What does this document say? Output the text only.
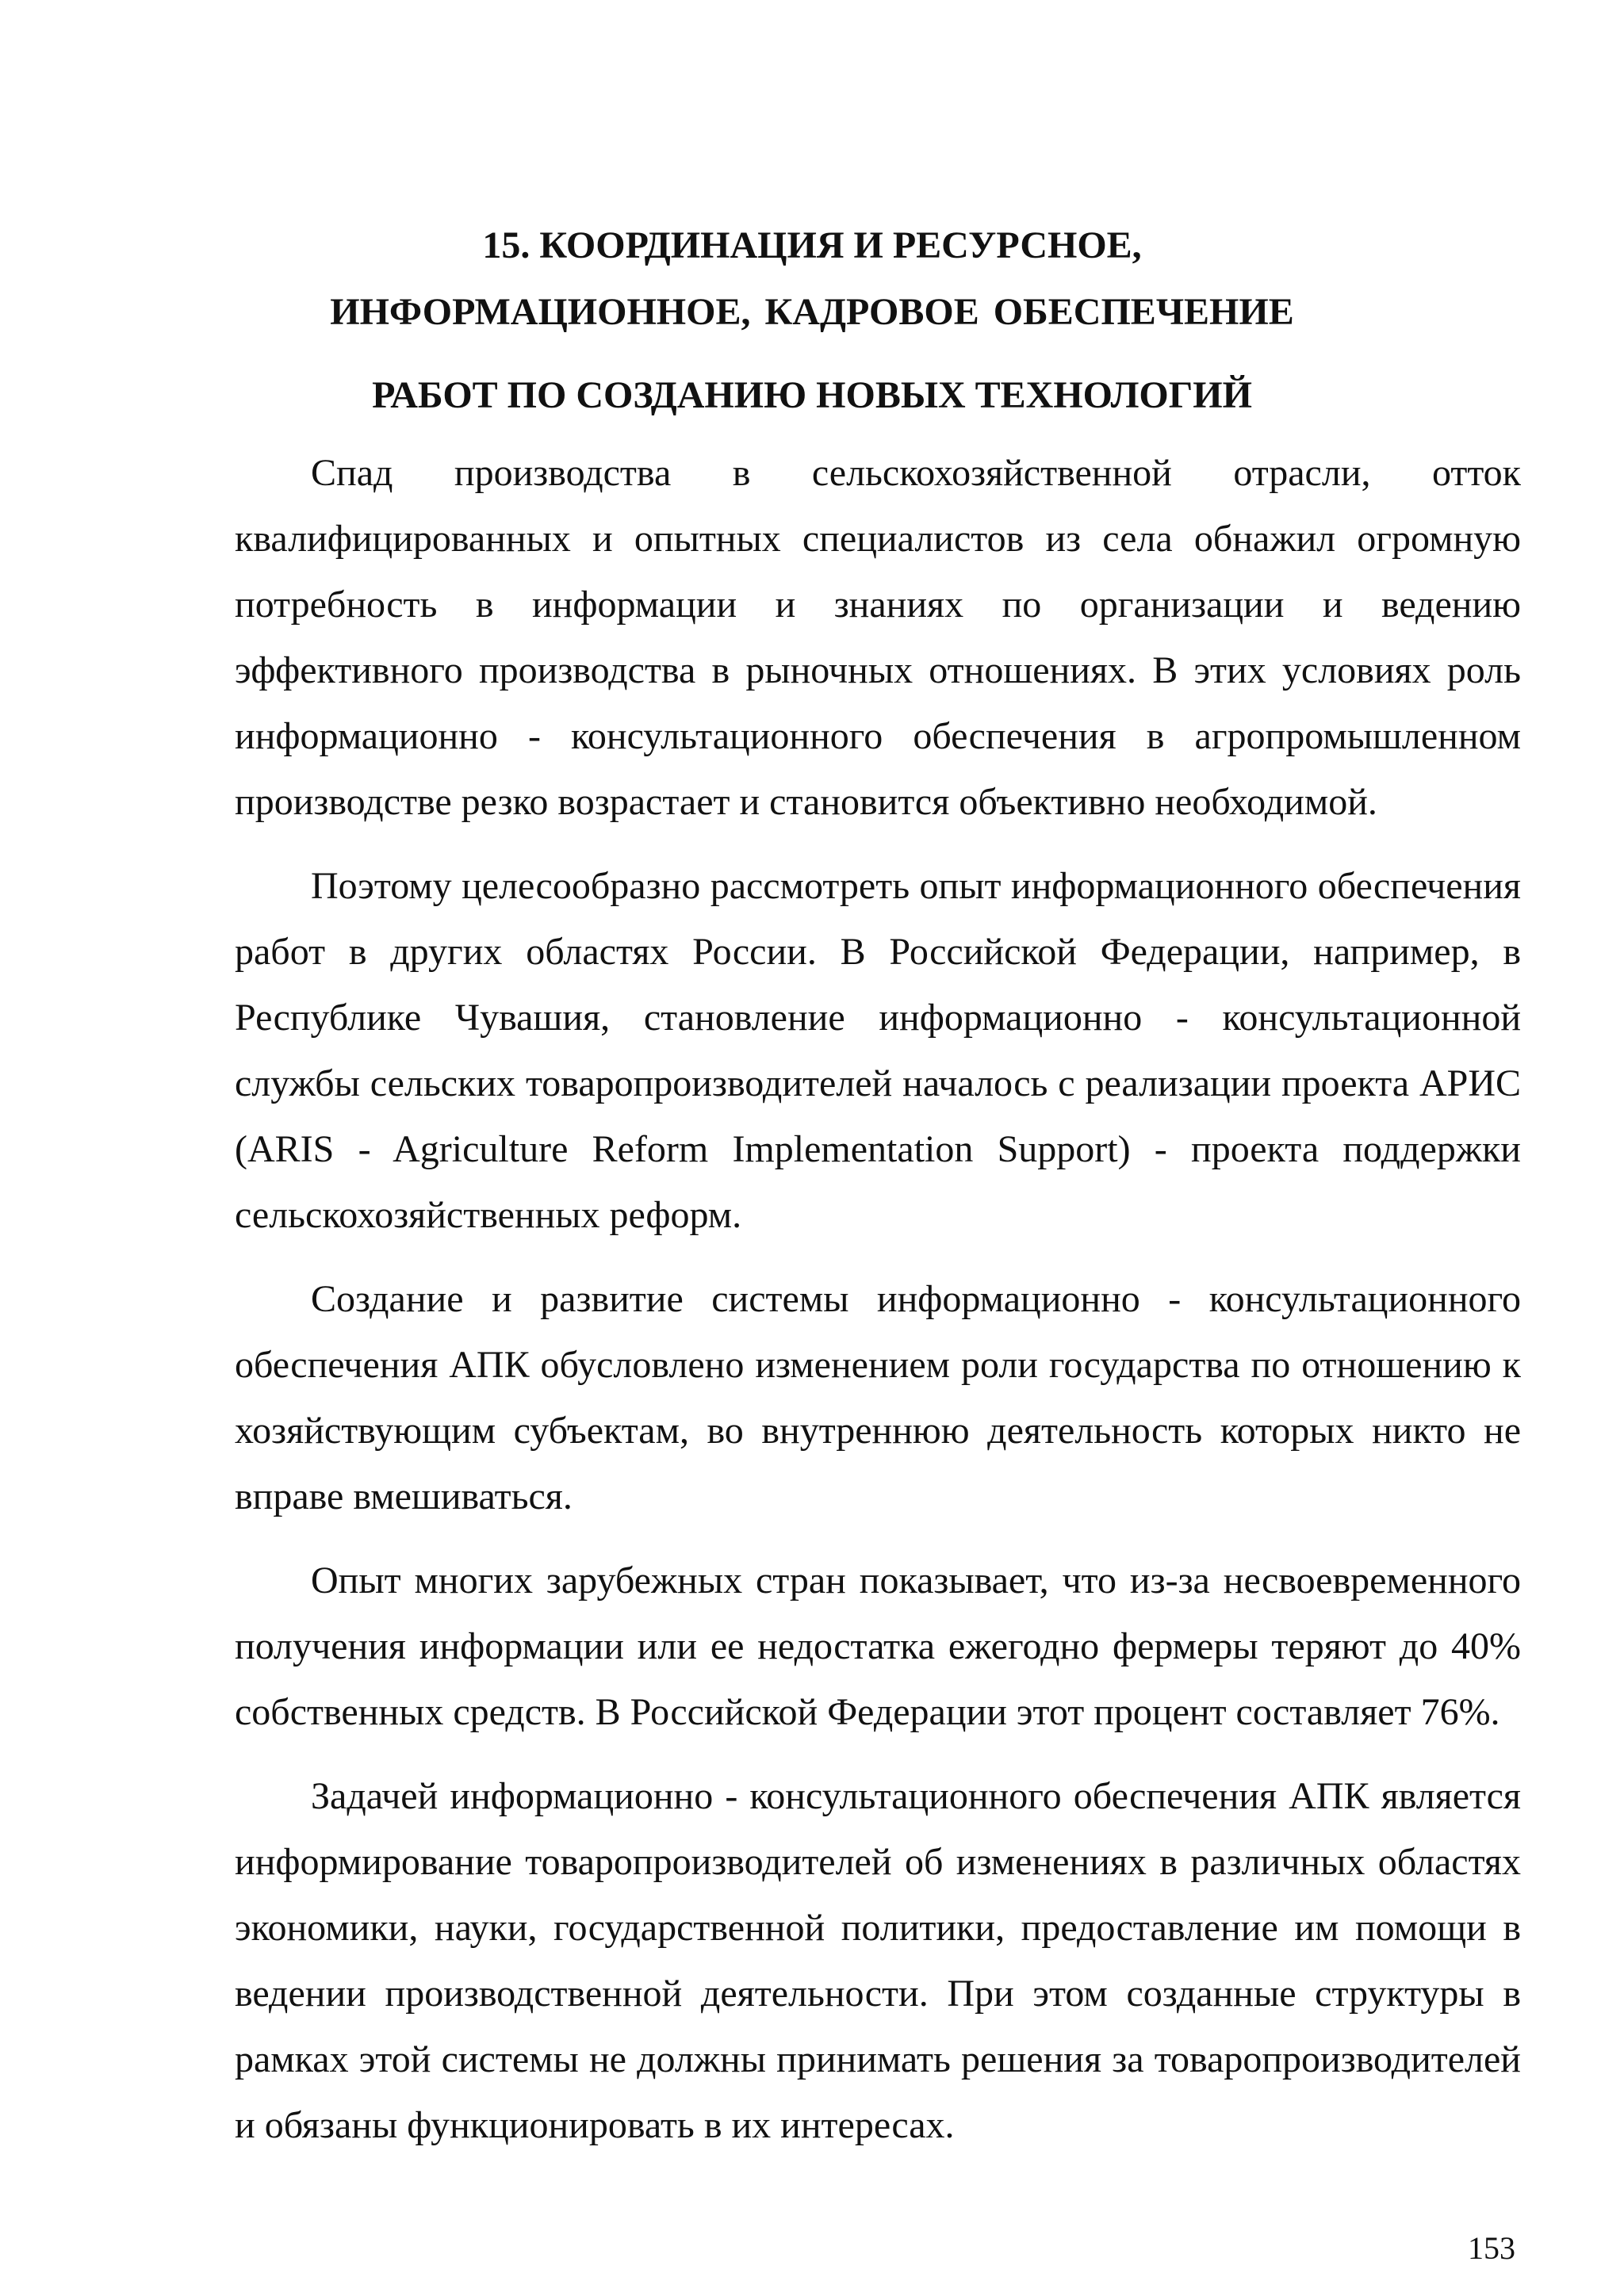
15. КООРДИНАЦИЯ И РЕСУРСНОЕ,
ИНФОРМАЦИОННОЕ, КАДРОВОЕ ОБЕСПЕЧЕНИЕ
РАБОТ ПО СОЗДАНИЮ НОВЫХ ТЕХНОЛОГИЙ

Спад производства в сельскохозяйственной отрасли, отток квалифицированных и опытных специалистов из села обнажил огромную потребность в информации и знаниях по организации и ведению эффективного производства в рыночных отношениях. В этих условиях роль информационно - консультационного обеспечения в агропромышленном производстве резко возрастает и становится объективно необходимой.

Поэтому целесообразно рассмотреть опыт информационного обеспечения работ в других областях России. В Российской Федерации, например, в Республике Чувашия, становление информационно - консультационной службы сельских товаропроизводителей началось с реализации проекта АРИС (ARIS - Agriculture Reform Implementation Support) - проекта поддержки сельскохозяйственных реформ.

Создание и развитие системы информационно - консультационного обеспечения АПК обусловлено изменением роли государства по отношению к хозяйствующим субъектам, во внутреннюю деятельность которых никто не вправе вмешиваться.

Опыт многих зарубежных стран показывает, что из-за несвоевременного получения информации или ее недостатка ежегодно фермеры теряют до 40% собственных средств. В Российской Федерации этот процент составляет 76%.

Задачей информационно - консультационного обеспечения АПК является информирование товаропроизводителей об изменениях в различных областях экономики, науки, государственной политики, предоставление им помощи в ведении производственной деятельности. При этом созданные структуры в рамках этой системы не должны принимать решения за товаропроизводителей и обязаны функционировать в их интересах.

153
